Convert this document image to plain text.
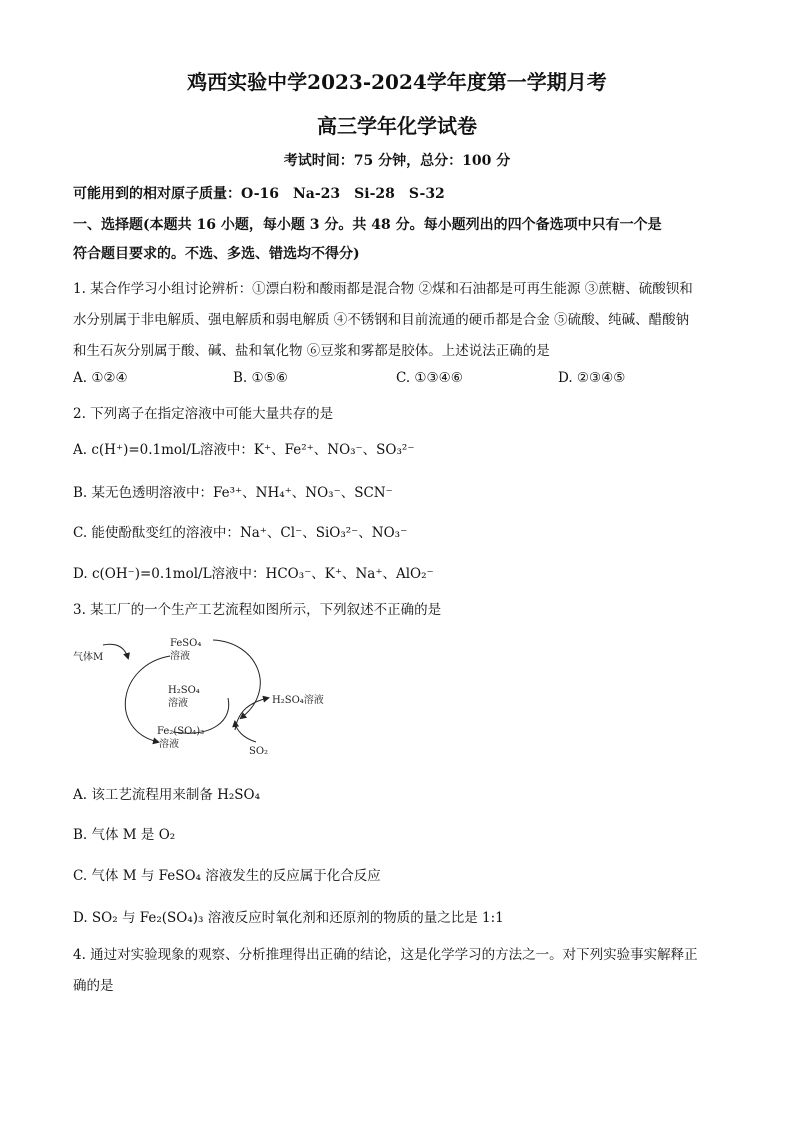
鸡西实验中学2023-2024学年度第一学期月考
高三学年化学试卷
考试时间：75 分钟，总分：100 分
可能用到的相对原子质量：O-16　Na-23　Si-28　S-32
一、选择题(本题共 16 小题，每小题 3 分。共 48 分。每小题列出的四个备选项中只有一个是
符合题目要求的。不选、多选、错选均不得分)
1. 某合作学习小组讨论辨析：①漂白粉和酸雨都是混合物 ②煤和石油都是可再生能源 ③蔗糖、硫酸钡和
水分别属于非电解质、强电解质和弱电解质 ④不锈钢和目前流通的硬币都是合金 ⑤硫酸、纯碱、醋酸钠
和生石灰分别属于酸、碱、盐和氧化物 ⑥豆浆和雾都是胶体。上述说法正确的是
A. ①②④	B. ①⑤⑥	C. ①③④⑥	D. ②③④⑤
2. 下列离子在指定溶液中可能大量共存的是
A. c(H⁺)=0.1mol/L溶液中：K⁺、Fe²⁺、NO₃⁻、SO₃²⁻
B. 某无色透明溶液中：Fe³⁺、NH₄⁺、NO₃⁻、SCN⁻
C. 能使酚酞变红的溶液中：Na⁺、Cl⁻、SiO₃²⁻、NO₃⁻
D. c(OH⁻)=0.1mol/L溶液中：HCO₃⁻、K⁺、Na⁺、AlO₂⁻
3. 某工厂的一个生产工艺流程如图所示，下列叙述不正确的是
气体M
FeSO₄
溶液
H₂SO₄
溶液
Fe₂(SO₄)₃
溶液
H₂SO₄溶液
SO₂
A. 该工艺流程用来制备 H₂SO₄
B. 气体 M 是 O₂
C. 气体 M 与 FeSO₄ 溶液发生的反应属于化合反应
D. SO₂ 与 Fe₂(SO₄)₃ 溶液反应时氧化剂和还原剂的物质的量之比是 1:1
4. 通过对实验现象的观察、分析推理得出正确的结论，这是化学学习的方法之一。对下列实验事实解释正
确的是
